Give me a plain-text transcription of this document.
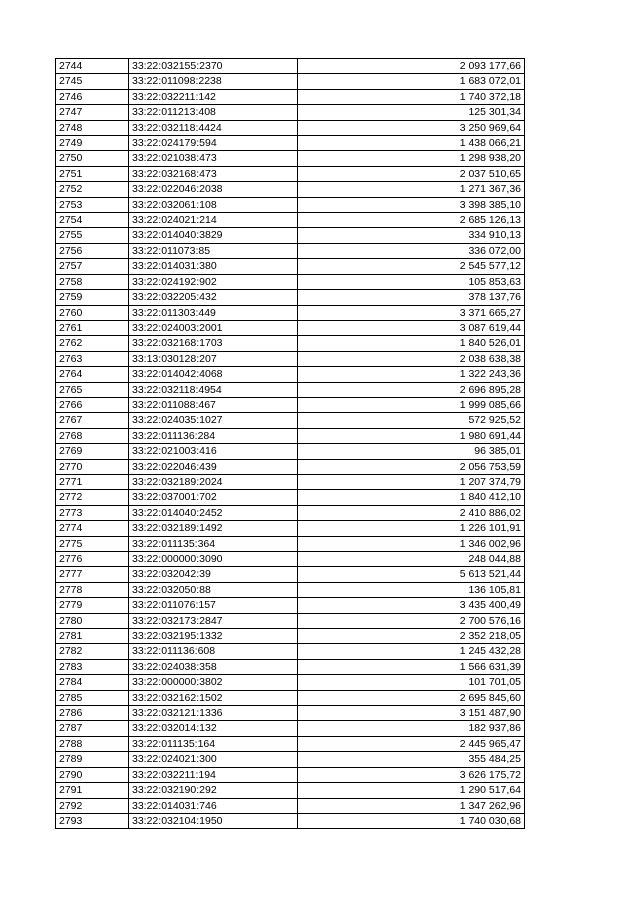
2744	33:22:032155:2370	2 093 177,66
2745	33:22:011098:2238	1 683 072,01
2746	33:22:032211:142	1 740 372,18
2747	33:22:011213:408	125 301,34
2748	33:22:032118:4424	3 250 969,64
2749	33:22:024179:594	1 438 066,21
2750	33:22:021038:473	1 298 938,20
2751	33:22:032168:473	2 037 510,65
2752	33:22:022046:2038	1 271 367,36
2753	33:22:032061:108	3 398 385,10
2754	33:22:024021:214	2 685 126,13
2755	33:22:014040:3829	334 910,13
2756	33:22:011073:85	336 072,00
2757	33:22:014031:380	2 545 577,12
2758	33:22:024192:902	105 853,63
2759	33:22:032205:432	378 137,76
2760	33:22:011303:449	3 371 665,27
2761	33:22:024003:2001	3 087 619,44
2762	33:22:032168:1703	1 840 526,01
2763	33:13:030128:207	2 038 638,38
2764	33:22:014042:4068	1 322 243,36
2765	33:22:032118:4954	2 696 895,28
2766	33:22:011088:467	1 999 085,66
2767	33:22:024035:1027	572 925,52
2768	33:22:011136:284	1 980 691,44
2769	33:22:021003:416	96 385,01
2770	33:22:022046:439	2 056 753,59
2771	33:22:032189:2024	1 207 374,79
2772	33:22:037001:702	1 840 412,10
2773	33:22:014040:2452	2 410 886,02
2774	33:22:032189:1492	1 226 101,91
2775	33:22:011135:364	1 346 002,96
2776	33:22:000000:3090	248 044,88
2777	33:22:032042:39	5 613 521,44
2778	33:22:032050:88	136 105,81
2779	33:22:011076:157	3 435 400,49
2780	33:22:032173:2847	2 700 576,16
2781	33:22:032195:1332	2 352 218,05
2782	33:22:011136:608	1 245 432,28
2783	33:22:024038:358	1 566 631,39
2784	33:22:000000:3802	101 701,05
2785	33:22:032162:1502	2 695 845,60
2786	33:22:032121:1336	3 151 487,90
2787	33:22:032014:132	182 937,86
2788	33:22:011135:164	2 445 965,47
2789	33:22:024021:300	355 484,25
2790	33:22:032211:194	3 626 175,72
2791	33:22:032190:292	1 290 517,64
2792	33:22:014031:746	1 347 262,96
2793	33:22:032104:1950	1 740 030,68
